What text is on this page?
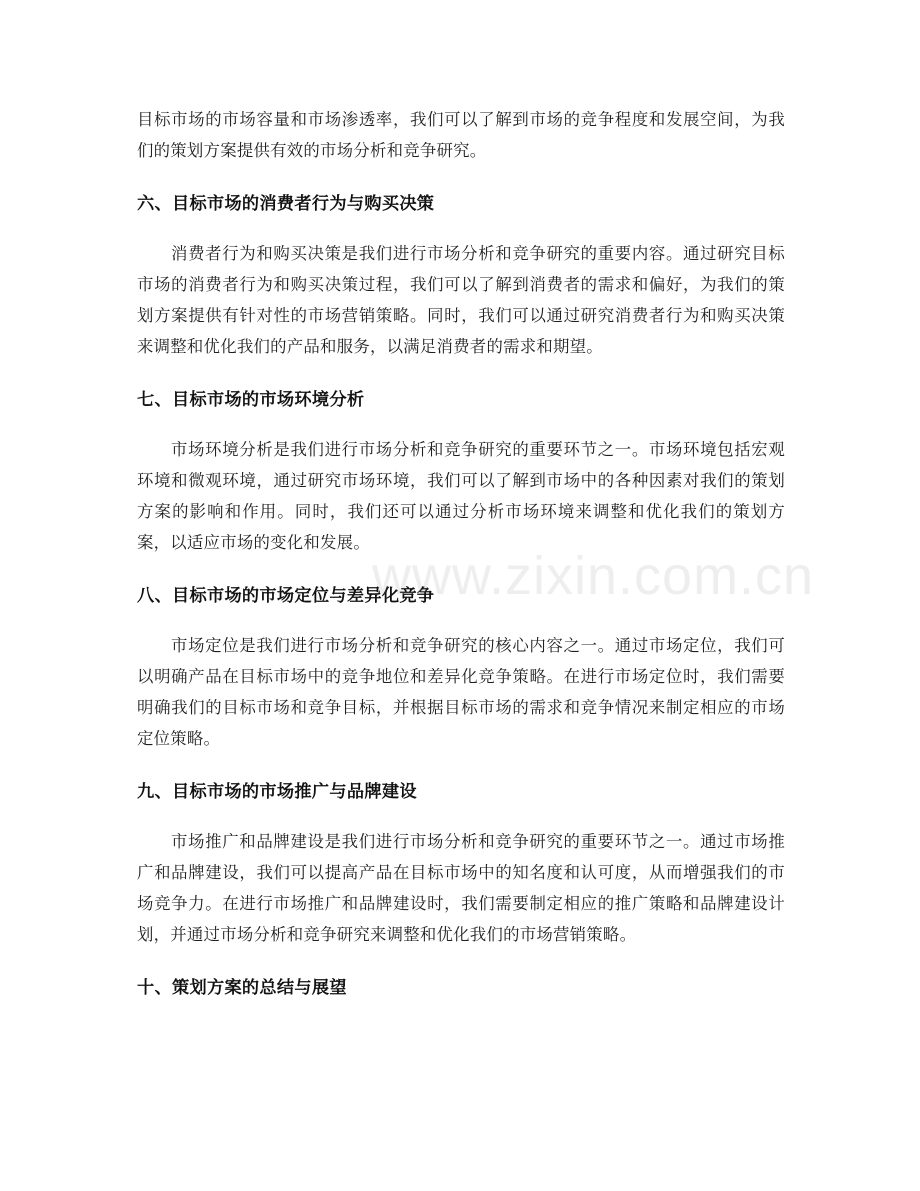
目标市场的市场容量和市场渗透率，我们可以了解到市场的竞争程度和发展空间，为我们的策划方案提供有效的市场分析和竞争研究。

六、目标市场的消费者行为与购买决策

消费者行为和购买决策是我们进行市场分析和竞争研究的重要内容。通过研究目标市场的消费者行为和购买决策过程，我们可以了解到消费者的需求和偏好，为我们的策划方案提供有针对性的市场营销策略。同时，我们可以通过研究消费者行为和购买决策来调整和优化我们的产品和服务，以满足消费者的需求和期望。

七、目标市场的市场环境分析

市场环境分析是我们进行市场分析和竞争研究的重要环节之一。市场环境包括宏观环境和微观环境，通过研究市场环境，我们可以了解到市场中的各种因素对我们的策划方案的影响和作用。同时，我们还可以通过分析市场环境来调整和优化我们的策划方案，以适应市场的变化和发展。

八、目标市场的市场定位与差异化竞争

市场定位是我们进行市场分析和竞争研究的核心内容之一。通过市场定位，我们可以明确产品在目标市场中的竞争地位和差异化竞争策略。在进行市场定位时，我们需要明确我们的目标市场和竞争目标，并根据目标市场的需求和竞争情况来制定相应的市场定位策略。

九、目标市场的市场推广与品牌建设

市场推广和品牌建设是我们进行市场分析和竞争研究的重要环节之一。通过市场推广和品牌建设，我们可以提高产品在目标市场中的知名度和认可度，从而增强我们的市场竞争力。在进行市场推广和品牌建设时，我们需要制定相应的推广策略和品牌建设计划，并通过市场分析和竞争研究来调整和优化我们的市场营销策略。

十、策划方案的总结与展望
www.zixin.com.cn
